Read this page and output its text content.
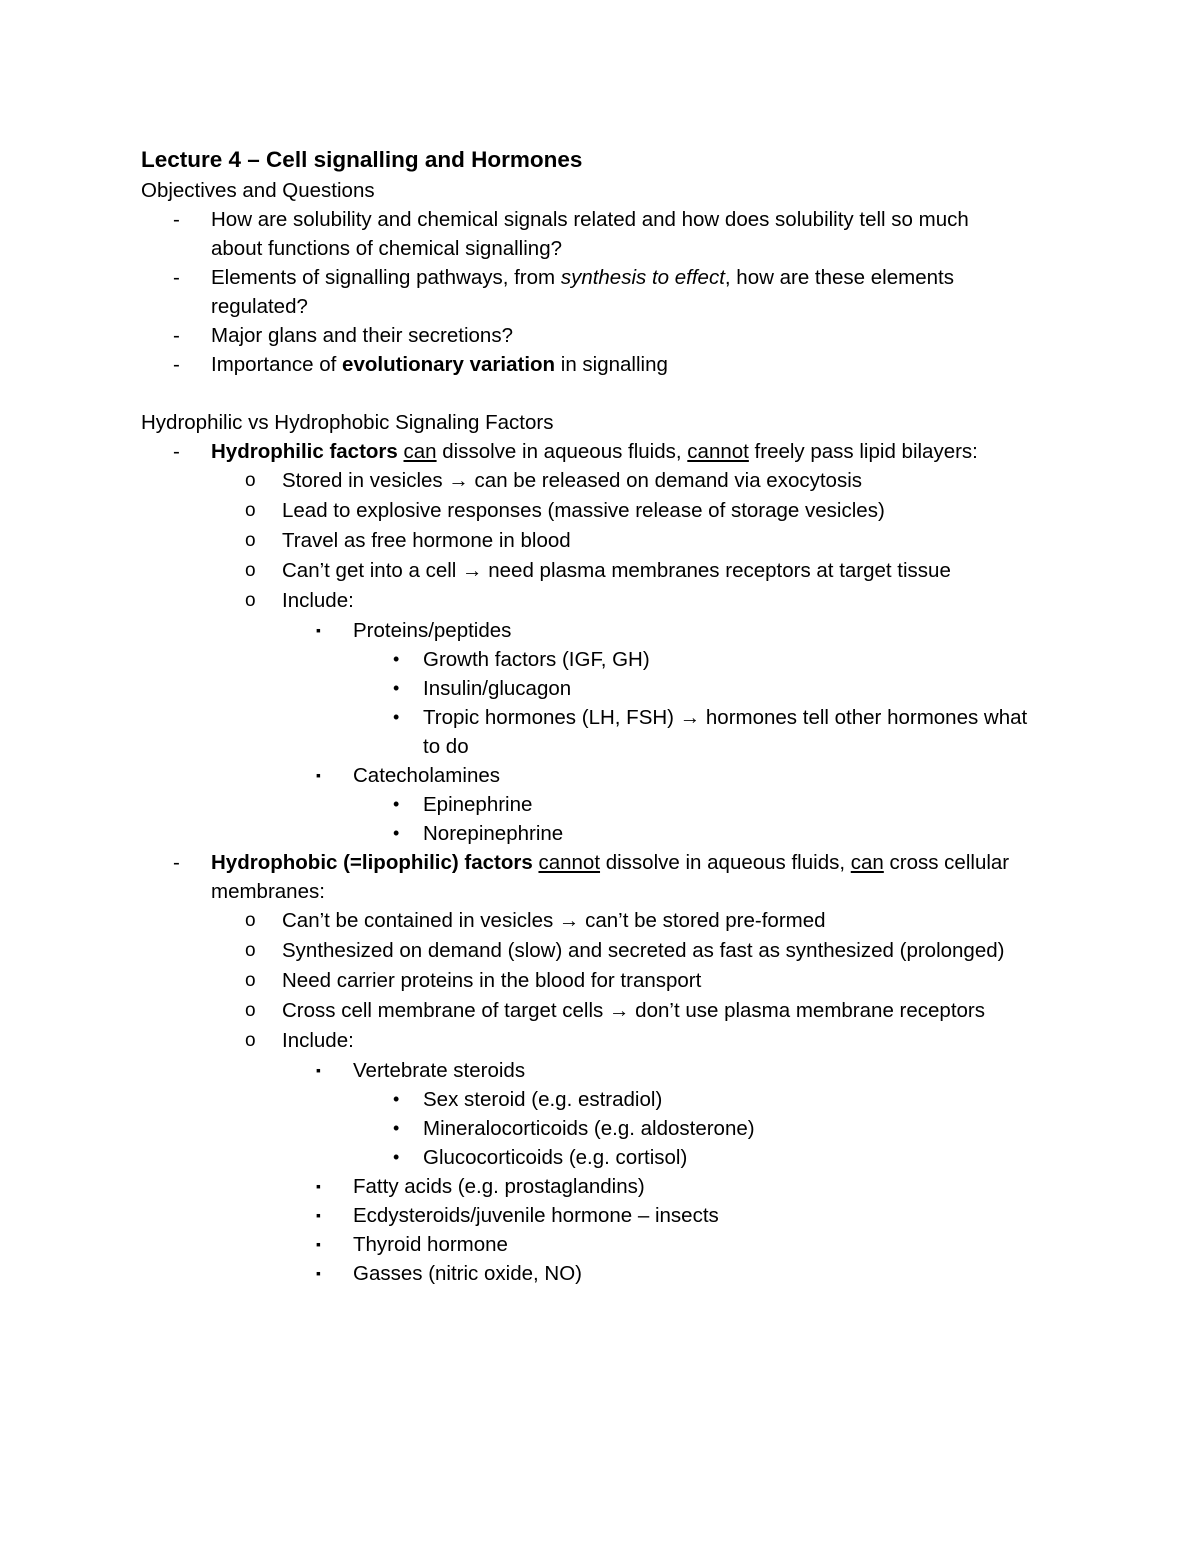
Lecture 4 – Cell signalling and Hormones
Objectives and Questions
- How are solubility and chemical signals related and how does solubility tell so much
about functions of chemical signalling?
- Elements of signalling pathways, from synthesis to effect, how are these elements
regulated?
- Major glans and their secretions?
- Importance of evolutionary variation in signalling
Hydrophilic vs Hydrophobic Signaling Factors
- Hydrophilic factors can dissolve in aqueous fluids, cannot freely pass lipid bilayers:
o Stored in vesicles → can be released on demand via exocytosis
o Lead to explosive responses (massive release of storage vesicles)
o Travel as free hormone in blood
o Can’t get into a cell → need plasma membranes receptors at target tissue
o Include:
▪ Proteins/peptides
• Growth factors (IGF, GH)
• Insulin/glucagon
• Tropic hormones (LH, FSH) → hormones tell other hormones what
to do
▪ Catecholamines
• Epinephrine
• Norepinephrine
- Hydrophobic (=lipophilic) factors cannot dissolve in aqueous fluids, can cross cellular
membranes:
o Can’t be contained in vesicles → can’t be stored pre-formed
o Synthesized on demand (slow) and secreted as fast as synthesized (prolonged)
o Need carrier proteins in the blood for transport
o Cross cell membrane of target cells → don’t use plasma membrane receptors
o Include:
▪ Vertebrate steroids
• Sex steroid (e.g. estradiol)
• Mineralocorticoids (e.g. aldosterone)
• Glucocorticoids (e.g. cortisol)
▪ Fatty acids (e.g. prostaglandins)
▪ Ecdysteroids/juvenile hormone – insects
▪ Thyroid hormone
▪ Gasses (nitric oxide, NO)
